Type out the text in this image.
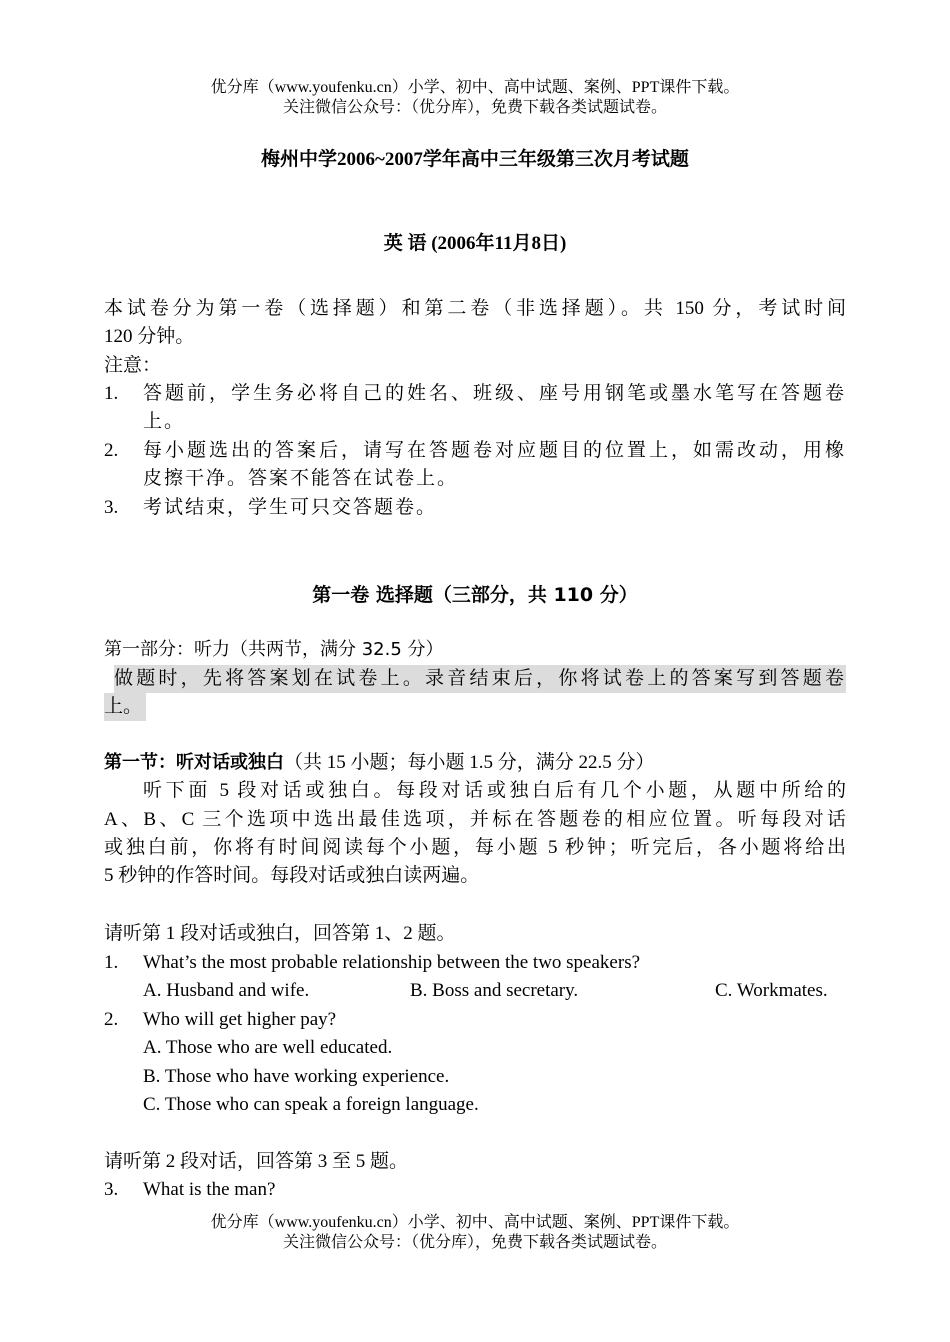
优分库（www.youfenku.cn）小学、初中、高中试题、案例、PPT课件下载。
关注微信公众号：（优分库），免费下载各类试题试卷。
梅州中学2006~2007学年高中三年级第三次月考试题
英 语 (2006年11月8日)
本试卷分为第一卷（选择题）和第二卷（非选择题）。共 150 分，考试时间
120 分钟。
注意：
1. 答题前，学生务必将自己的姓名、班级、座号用钢笔或墨水笔写在答题卷
上。
2. 每小题选出的答案后，请写在答题卷对应题目的位置上，如需改动，用橡
皮擦干净。答案不能答在试卷上。
3. 考试结束，学生可只交答题卷。
第一卷 选择题（三部分，共 110 分）
第一部分：听力（共两节，满分 32.5 分）
做题时，先将答案划在试卷上。录音结束后，你将试卷上的答案写到答题卷
上。
第一节：听对话或独白（共 15 小题；每小题 1.5 分，满分 22.5 分）
听下面 5 段对话或独白。每段对话或独白后有几个小题，从题中所给的
A、B、C 三个选项中选出最佳选项，并标在答题卷的相应位置。听每段对话
或独白前，你将有时间阅读每个小题，每小题 5 秒钟；听完后，各小题将给出
5 秒钟的作答时间。每段对话或独白读两遍。
请听第 1 段对话或独白，回答第 1、2 题。
1. What’s the most probable relationship between the two speakers?
A. Husband and wife.	B. Boss and secretary.	C. Workmates.
2. Who will get higher pay?
A. Those who are well educated.
B. Those who have working experience.
C. Those who can speak a foreign language.
请听第 2 段对话，回答第 3 至 5 题。
3. What is the man?
优分库（www.youfenku.cn）小学、初中、高中试题、案例、PPT课件下载。
关注微信公众号：（优分库），免费下载各类试题试卷。
